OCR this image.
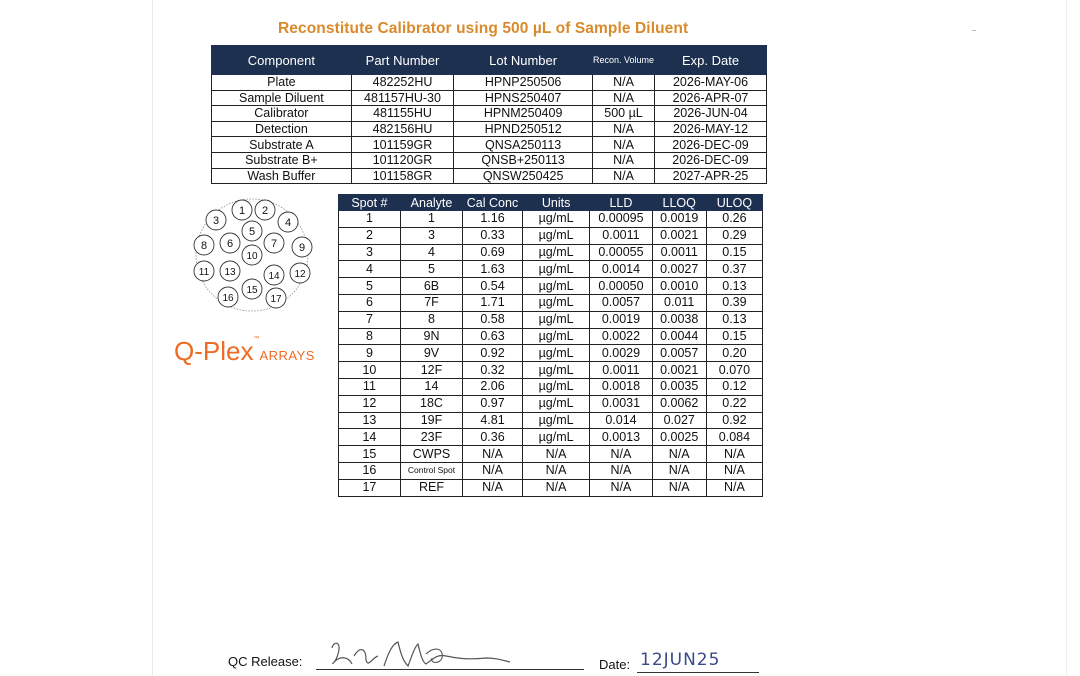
Reconstitute Calibrator using 500 µL of Sample Diluent
Component	Part Number	Lot Number	Recon. Volume	Exp. Date
Plate	482252HU	HPNP250506	N/A	2026-MAY-06
Sample Diluent	481157HU-30	HPNS250407	N/A	2026-APR-07
Calibrator	481155HU	HPNM250409	500 µL	2026-JUN-04
Detection	482156HU	HPND250512	N/A	2026-MAY-12
Substrate A	101159GR	QNSA250113	N/A	2026-DEC-09
Substrate B+	101120GR	QNSB+250113	N/A	2026-DEC-09
Wash Buffer	101158GR	QNSW250425	N/A	2027-APR-25
1 2
3	4
5
6	7
8	9
10
11	12
13	14
15
16	17
Q-Plex™ARRAYS
Spot #	Analyte	Cal Conc	Units	LLD	LLOQ	ULOQ
1	1	1.16	µg/mL	0.00095	0.0019	0.26
2	3	0.33	µg/mL	0.0011	0.0021	0.29
3	4	0.69	µg/mL	0.00055	0.0011	0.15
4	5	1.63	µg/mL	0.0014	0.0027	0.37
5	6B	0.54	µg/mL	0.00050	0.0010	0.13
6	7F	1.71	µg/mL	0.0057	0.011	0.39
7	8	0.58	µg/mL	0.0019	0.0038	0.13
8	9N	0.63	µg/mL	0.0022	0.0044	0.15
9	9V	0.92	µg/mL	0.0029	0.0057	0.20
10	12F	0.32	µg/mL	0.0011	0.0021	0.070
11	14	2.06	µg/mL	0.0018	0.0035	0.12
12	18C	0.97	µg/mL	0.0031	0.0062	0.22
13	19F	4.81	µg/mL	0.014	0.027	0.92
14	23F	0.36	µg/mL	0.0013	0.0025	0.084
15	CWPS	N/A	N/A	N/A	N/A	N/A
16	Control Spot	N/A	N/A	N/A	N/A	N/A
17	REF	N/A	N/A	N/A	N/A	N/A
QC Release:	Date: 12JUN25
